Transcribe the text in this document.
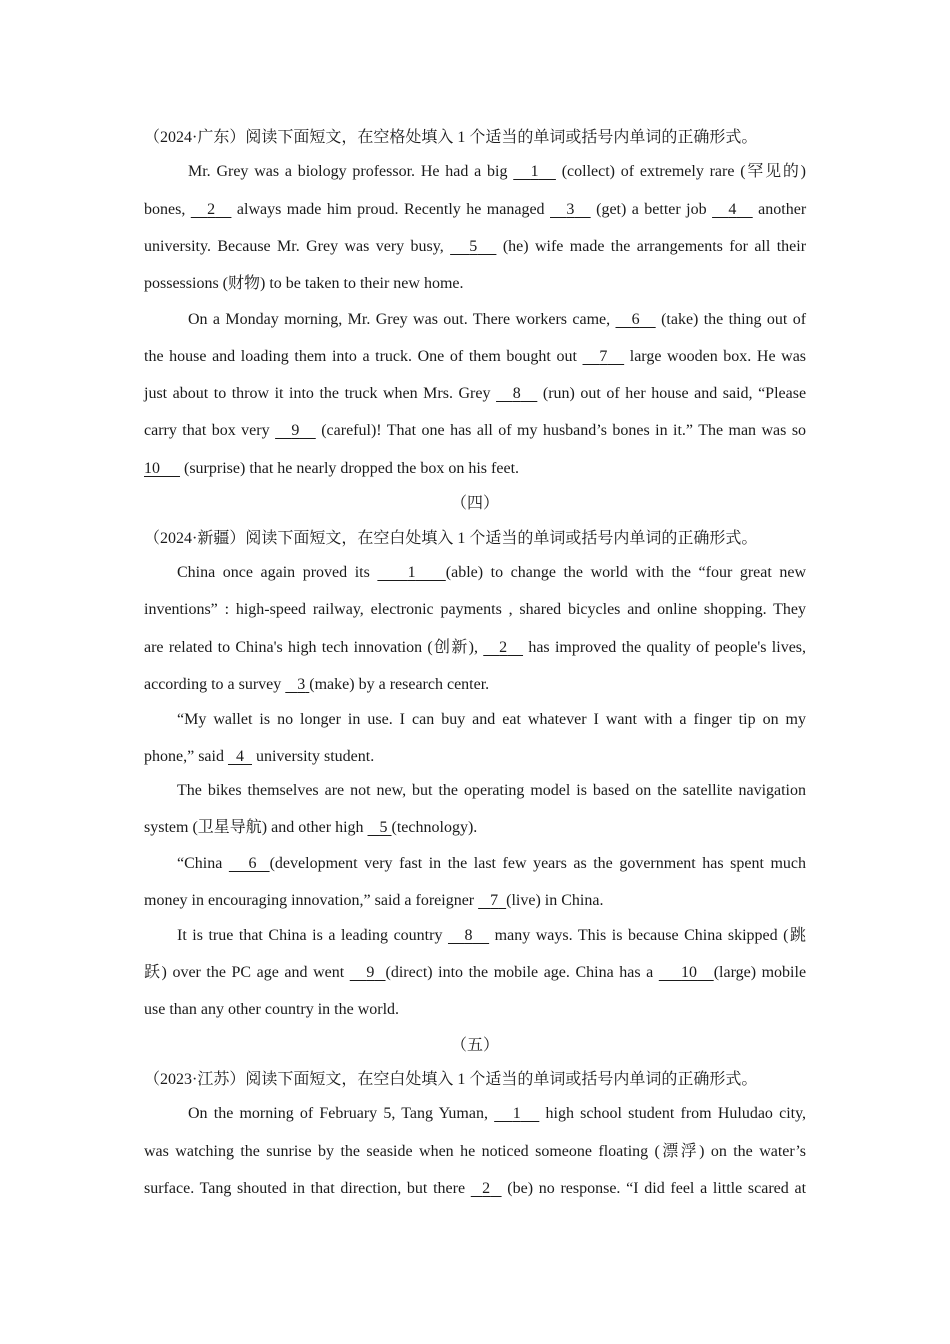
（2024·广东）阅读下面短文，在空格处填入 1 个适当的单词或括号内单词的正确形式。
Mr. Grey was a biology professor. He had a big 1 (collect) of extremely rare (罕见的)
bones, 2 always made him proud. Recently he managed 3 (get) a better job 4 another
university. Because Mr. Grey was very busy, 5 (he) wife made the arrangements for all their
possessions (财物) to be taken to their new home.
On a Monday morning, Mr. Grey was out. There workers came, 6 (take) the thing out of
the house and loading them into a truck. One of them bought out 7 large wooden box. He was
just about to throw it into the truck when Mrs. Grey 8 (run) out of her house and said, “Please
carry that box very 9 (careful)! That one has all of my husband’s bones in it.” The man was so
10 (surprise) that he nearly dropped the box on his feet.
（四）
（2024·新疆）阅读下面短文，在空白处填入 1 个适当的单词或括号内单词的正确形式。
China once again proved its 1 (able) to change the world with the “four great new
inventions” : high-speed railway, electronic payments , shared bicycles and online shopping. They
are related to China's high tech innovation (创新), 2 has improved the quality of people's lives,
according to a survey 3 (make) by a research center.
“My wallet is no longer in use. I can buy and eat whatever I want with a finger tip on my
phone,” said 4 university student.
The bikes themselves are not new, but the operating model is based on the satellite navigation
system (卫星导航) and other high 5 (technology).
“China 6 (development very fast in the last few years as the government has spent much
money in encouraging innovation,” said a foreigner 7 (live) in China.
It is true that China is a leading country 8 many ways. This is because China skipped (跳
跃) over the PC age and went 9 (direct) into the mobile age. China has a 10 (large) mobile
use than any other country in the world.
（五）
（2023·江苏）阅读下面短文，在空白处填入 1 个适当的单词或括号内单词的正确形式。
On the morning of February 5, Tang Yuman, 1 high school student from Huludao city,
was watching the sunrise by the seaside when he noticed someone floating (漂浮) on the water’s
surface. Tang shouted in that direction, but there 2 (be) no response. “I did feel a little scared at
